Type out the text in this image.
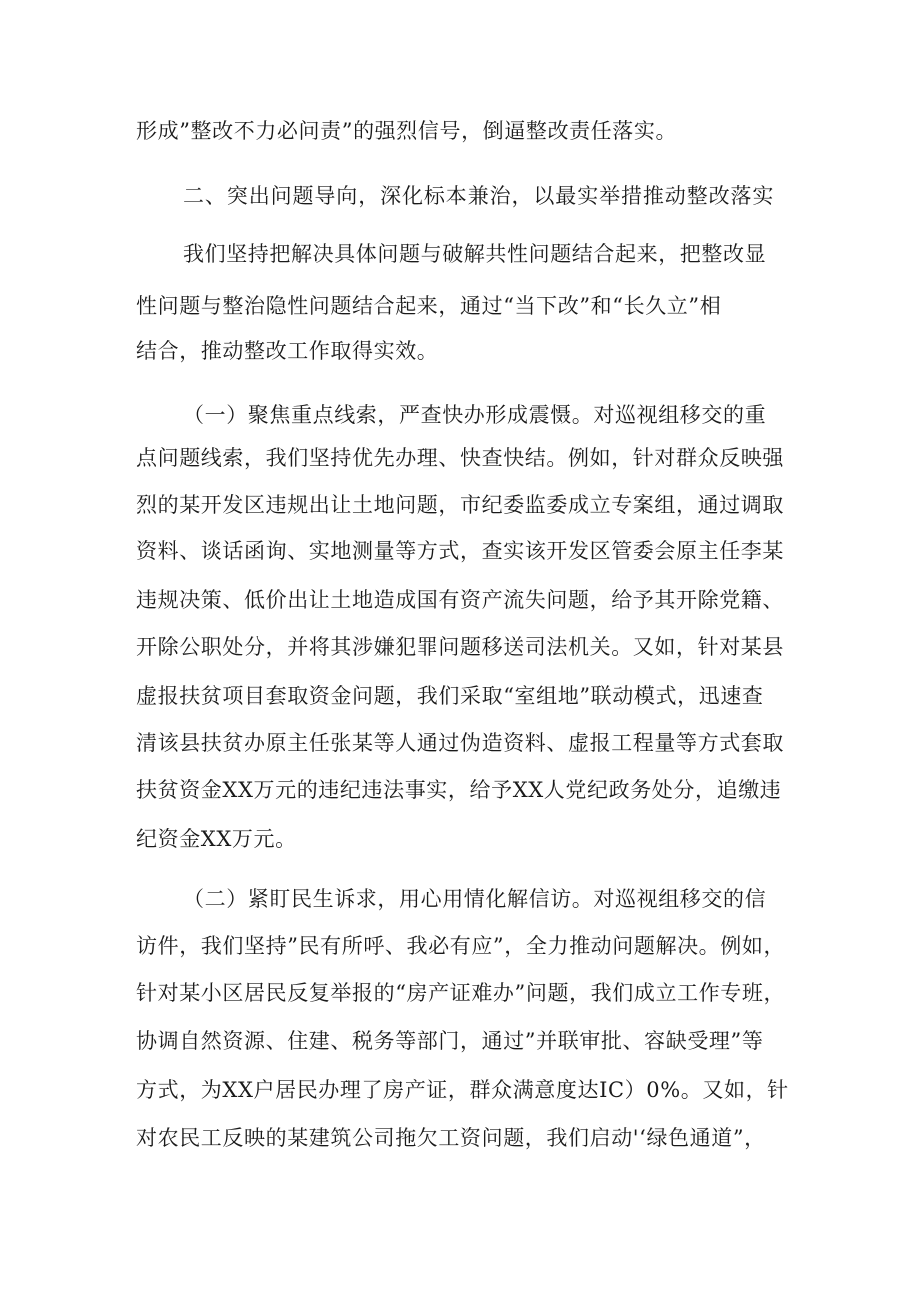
形成”整改不力必问责”的强烈信号，倒逼整改责任落实。
二、突出问题导向，深化标本兼治，以最实举措推动整改落实
我们坚持把解决具体问题与破解共性问题结合起来，把整改显
性问题与整治隐性问题结合起来，通过“当下改”和“长久立”相
结合，推动整改工作取得实效。
（一）聚焦重点线索，严查快办形成震慑。对巡视组移交的重
点问题线索，我们坚持优先办理、快查快结。例如，针对群众反映强
烈的某开发区违规出让土地问题，市纪委监委成立专案组，通过调取
资料、谈话函询、实地测量等方式，查实该开发区管委会原主任李某
违规决策、低价出让土地造成国有资产流失问题，给予其开除党籍、
开除公职处分，并将其涉嫌犯罪问题移送司法机关。又如，针对某县
虚报扶贫项目套取资金问题，我们采取“室组地”联动模式，迅速查
清该县扶贫办原主任张某等人通过伪造资料、虚报工程量等方式套取
扶贫资金XX万元的违纪违法事实，给予XX人党纪政务处分，追缴违
纪资金XX万元。
（二）紧盯民生诉求，用心用情化解信访。对巡视组移交的信
访件，我们坚持”民有所呼、我必有应”，全力推动问题解决。例如，
针对某小区居民反复举报的“房产证难办”问题，我们成立工作专班，
协调自然资源、住建、税务等部门，通过”并联审批、容缺受理”等
方式，为XX户居民办理了房产证，群众满意度达IC）0%。又如，针
对农民工反映的某建筑公司拖欠工资问题，我们启动'‘绿色通道”，
